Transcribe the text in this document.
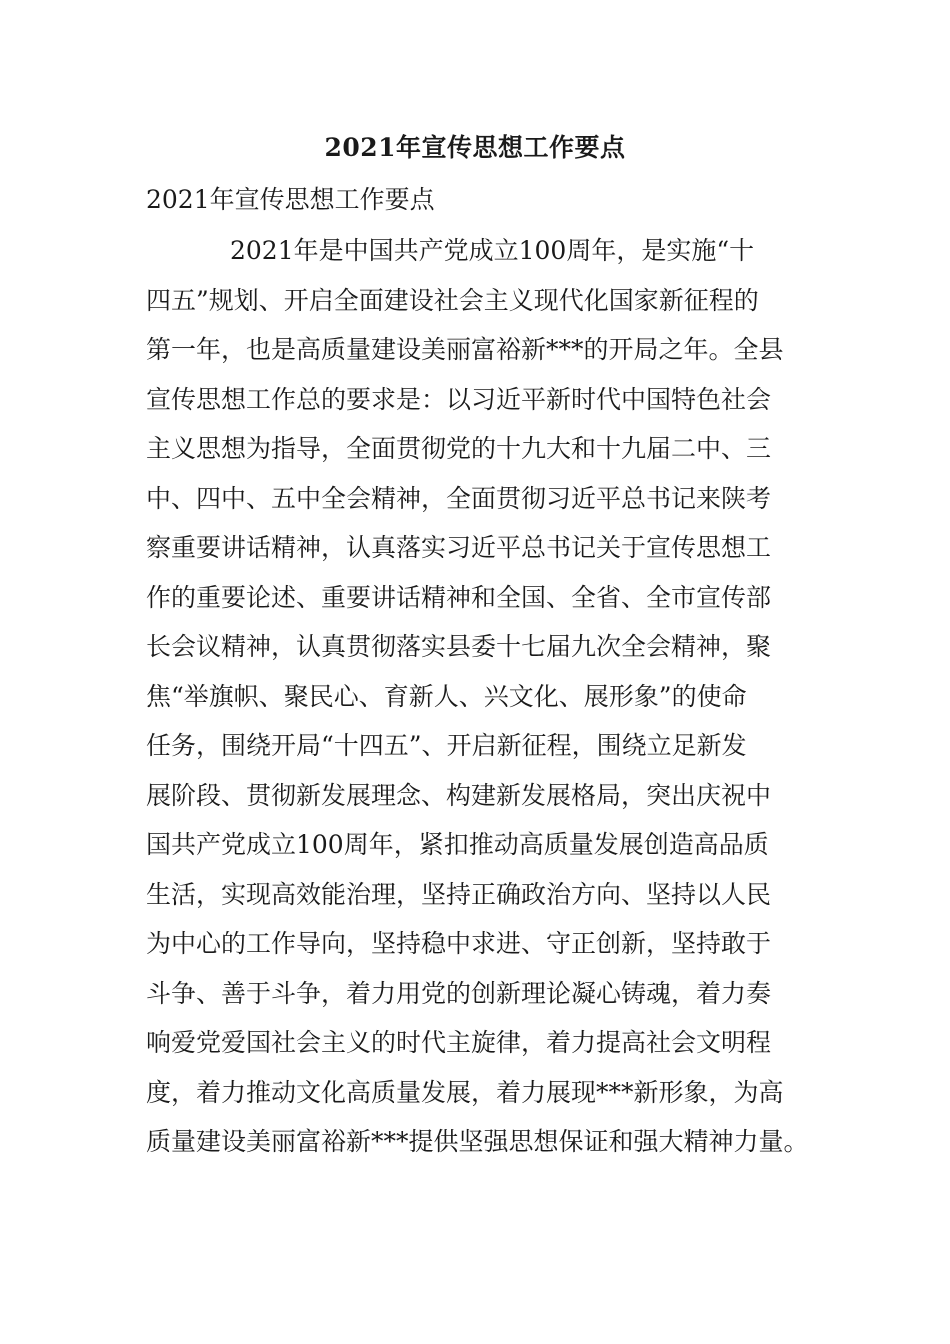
2021年宣传思想工作要点
2021年宣传思想工作要点
2021年是中国共产党成立100周年，是实施“十
四五”规划、开启全面建设社会主义现代化国家新征程的
第一年，也是高质量建设美丽富裕新***的开局之年。全县
宣传思想工作总的要求是：以习近平新时代中国特色社会
主义思想为指导，全面贯彻党的十九大和十九届二中、三
中、四中、五中全会精神，全面贯彻习近平总书记来陕考
察重要讲话精神，认真落实习近平总书记关于宣传思想工
作的重要论述、重要讲话精神和全国、全省、全市宣传部
长会议精神，认真贯彻落实县委十七届九次全会精神，聚
焦“举旗帜、聚民心、育新人、兴文化、展形象”的使命
任务，围绕开局“十四五”、开启新征程，围绕立足新发
展阶段、贯彻新发展理念、构建新发展格局，突出庆祝中
国共产党成立100周年，紧扣推动高质量发展创造高品质
生活，实现高效能治理，坚持正确政治方向、坚持以人民
为中心的工作导向，坚持稳中求进、守正创新，坚持敢于
斗争、善于斗争，着力用党的创新理论凝心铸魂，着力奏
响爱党爱国社会主义的时代主旋律，着力提高社会文明程
度，着力推动文化高质量发展，着力展现***新形象，为高
质量建设美丽富裕新***提供坚强思想保证和强大精神力量。
